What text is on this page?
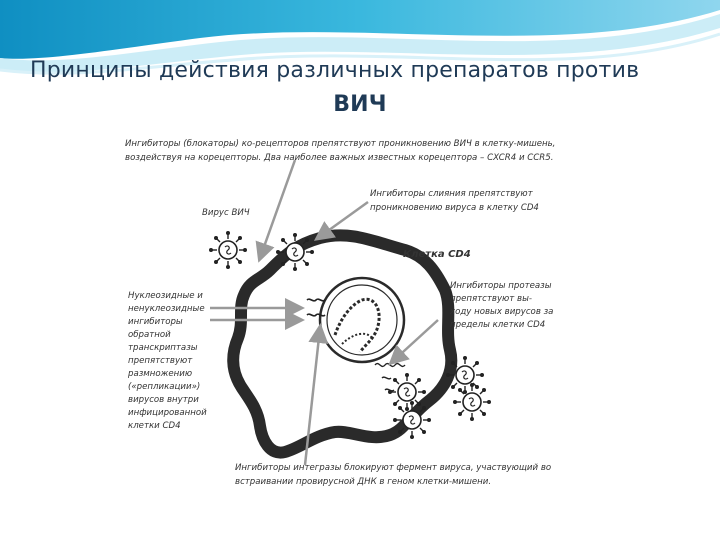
Принципы действия различных препаратов против
ВИЧ
Ингибиторы (блокаторы) ко-рецепторов препятствуют проникновению ВИЧ в клетку-мишень,
воздействуя на корецепторы. Два наиболее важных известных корецептора – CXCR4 и CCR5.
Ингибиторы слияния препятствуют
проникновению вируса в клетку CD4
Вирус ВИЧ
Клетка CD4
Нуклеозидные и
ненуклеозидные
ингибиторы
обратной
транскриптазы
препятствуют
размножению
(«репликации»)
вирусов внутри
инфицированной
клетки CD4
Ингибиторы протеазы
препятствуют вы-
ходу новых вирусов за
пределы клетки CD4
Ингибиторы интегразы блокируют фермент вируса, участвующий во
встраивании провирусной ДНК в геном клетки-мишени.
